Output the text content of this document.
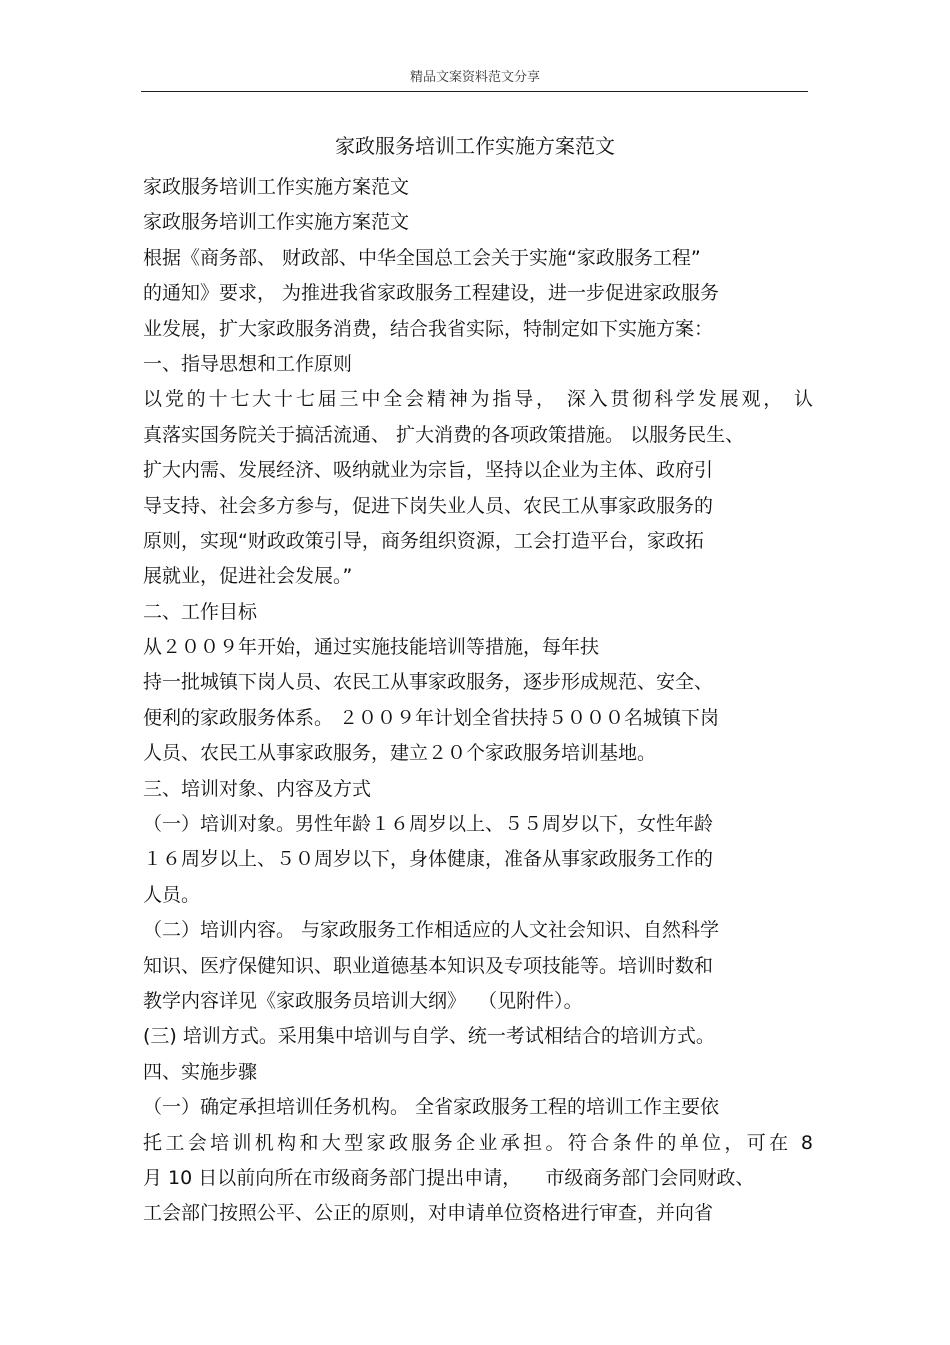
精品文案资料范文分享
家政服务培训工作实施方案范文
家政服务培训工作实施方案范文
家政服务培训工作实施方案范文
根据《商务部、 财政部、中华全国总工会关于实施“家政服务工程”
的通知》要求， 为推进我省家政服务工程建设，进一步促进家政服务
业发展，扩大家政服务消费，结合我省实际，特制定如下实施方案：
一、指导思想和工作原则
以党的十七大十七届三中全会精神为指导， 深入贯彻科学发展观， 认
真落实国务院关于搞活流通、 扩大消费的各项政策措施。 以服务民生、
扩大内需、发展经济、吸纳就业为宗旨，坚持以企业为主体、政府引
导支持、社会多方参与，促进下岗失业人员、农民工从事家政服务的
原则，实现“财政政策引导，商务组织资源，工会打造平台，家政拓
展就业，促进社会发展。”
二、工作目标
从２００９年开始，通过实施技能培训等措施，每年扶
持一批城镇下岗人员、农民工从事家政服务，逐步形成规范、安全、
便利的家政服务体系。 ２００９年计划全省扶持５０００名城镇下岗
人员、农民工从事家政服务，建立２０个家政服务培训基地。
三、培训对象、内容及方式
（一）培训对象。男性年龄１６周岁以上、５５周岁以下，女性年龄
１６周岁以上、５０周岁以下，身体健康，准备从事家政服务工作的
人员。
（二）培训内容。 与家政服务工作相适应的人文社会知识、自然科学
知识、医疗保健知识、职业道德基本知识及专项技能等。培训时数和
教学内容详见《家政服务员培训大纲》  （见附件）。
(三) 培训方式。采用集中培训与自学、统一考试相结合的培训方式。
四、实施步骤
（一）确定承担培训任务机构。 全省家政服务工程的培训工作主要依
托工会培训机构和大型家政服务企业承担。符合条件的单位，可在 8
月 10 日以前向所在市级商务部门提出申请，    市级商务部门会同财政、
工会部门按照公平、公正的原则，对申请单位资格进行审查，并向省
